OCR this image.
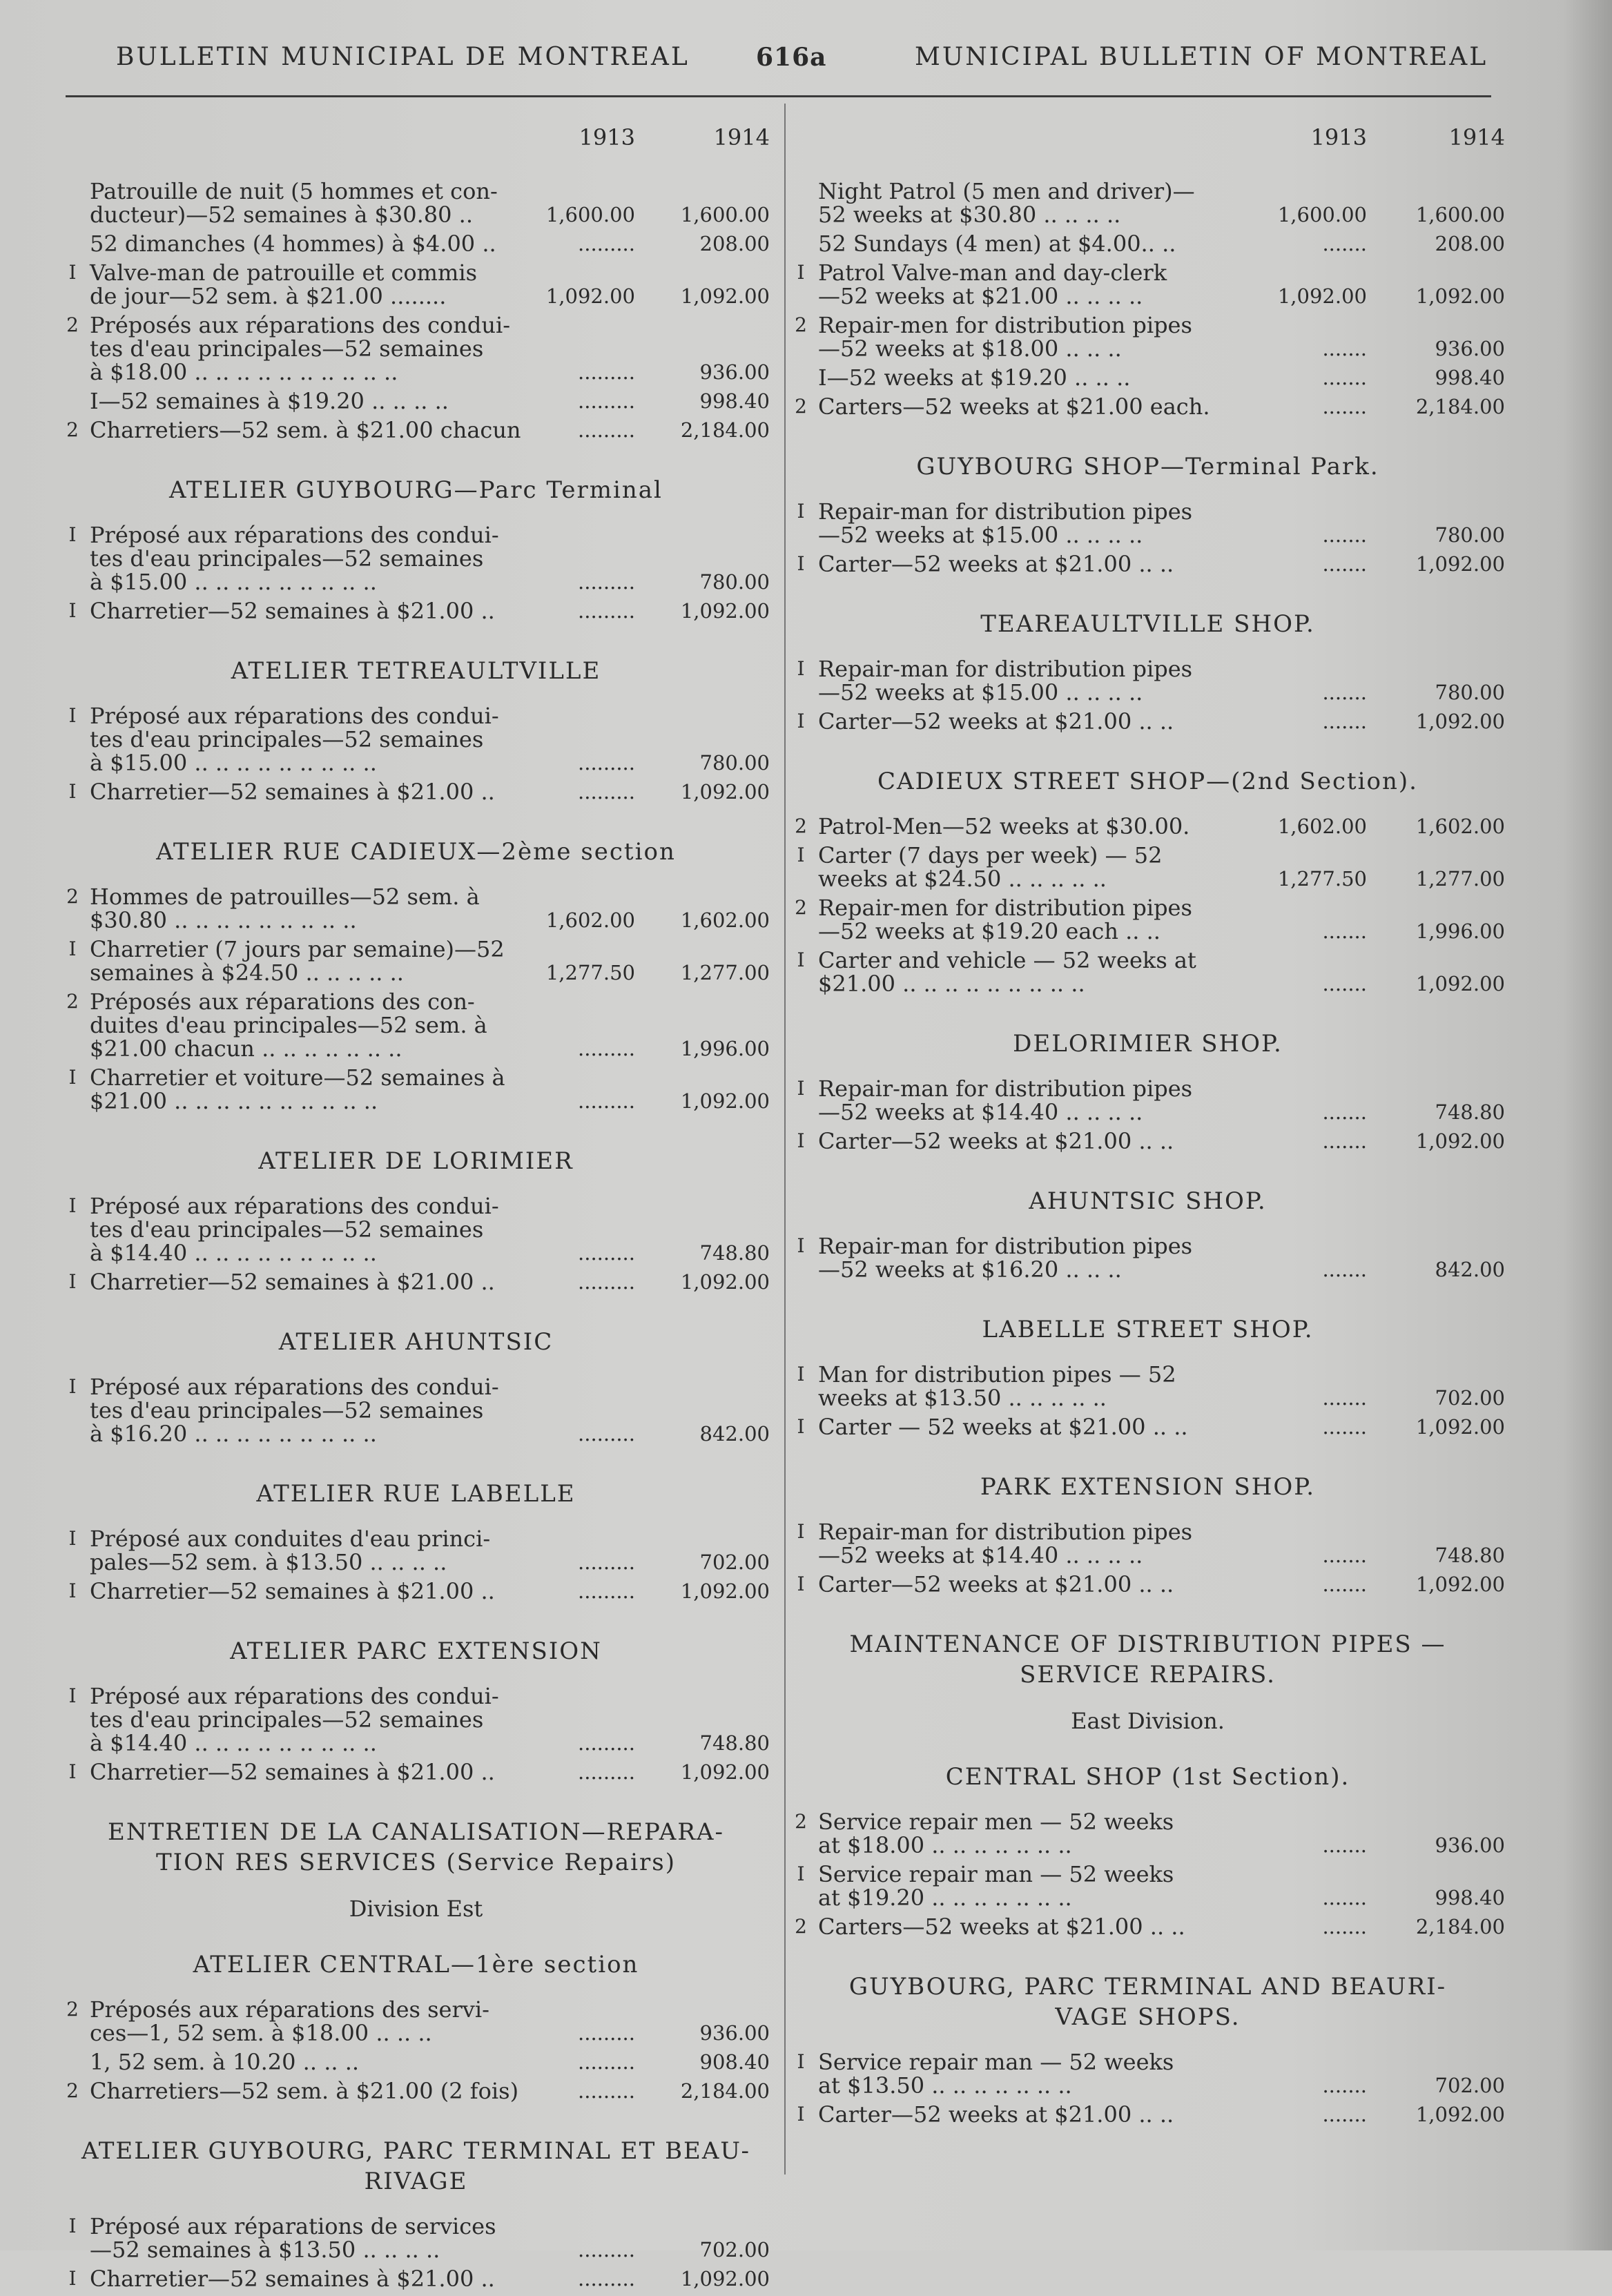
BULLETIN MUNICIPAL DE MONTREAL	616a	MUNICIPAL BULLETIN OF MONTREAL
1913	1914
Patrouille de nuit (5 hommes et con-
ducteur)—52 semaines à $30.80 ..	1,600.00	1,600.00
52 dimanches (4 hommes) à $4.00 ..	.........	208.00
I Valve-man de patrouille et commis
de jour—52 sem. à $21.00 ........	1,092.00	1,092.00
2 Préposés aux réparations des condui-
tes d'eau principales—52 semaines
à $18.00 .. .. .. .. .. .. .. .. .. ..	.........	936.00
I—52 semaines à $19.20 .. .. .. ..	.........	998.40
2 Charretiers—52 sem. à $21.00 chacun	.........	2,184.00
ATELIER GUYBOURG—Parc Terminal
I Préposé aux réparations des condui-
tes d'eau principales—52 semaines
à $15.00 .. .. .. .. .. .. .. .. ..	.........	780.00
I Charretier—52 semaines à $21.00 ..	.........	1,092.00
ATELIER TETREAULTVILLE
I Préposé aux réparations des condui-
tes d'eau principales—52 semaines
à $15.00 .. .. .. .. .. .. .. .. ..	.........	780.00
I Charretier—52 semaines à $21.00 ..	.........	1,092.00
ATELIER RUE CADIEUX—2ème section
2 Hommes de patrouilles—52 sem. à
$30.80 .. .. .. .. .. .. .. .. ..	1,602.00	1,602.00
I Charretier (7 jours par semaine)—52
semaines à $24.50 .. .. .. .. ..	1,277.50	1,277.00
2 Préposés aux réparations des con-
duites d'eau principales—52 sem. à
$21.00 chacun .. .. .. .. .. .. ..	.........	1,996.00
I Charretier et voiture—52 semaines à
$21.00 .. .. .. .. .. .. .. .. .. ..	.........	1,092.00
ATELIER DE LORIMIER
I Préposé aux réparations des condui-
tes d'eau principales—52 semaines
à $14.40 .. .. .. .. .. .. .. .. ..	.........	748.80
I Charretier—52 semaines à $21.00 ..	.........	1,092.00
ATELIER AHUNTSIC
I Préposé aux réparations des condui-
tes d'eau principales—52 semaines
à $16.20 .. .. .. .. .. .. .. .. ..	.........	842.00
ATELIER RUE LABELLE
I Préposé aux conduites d'eau princi-
pales—52 sem. à $13.50 .. .. .. ..	.........	702.00
I Charretier—52 semaines à $21.00 ..	.........	1,092.00
ATELIER PARC EXTENSION
I Préposé aux réparations des condui-
tes d'eau principales—52 semaines
à $14.40 .. .. .. .. .. .. .. .. ..	.........	748.80
I Charretier—52 semaines à $21.00 ..	.........	1,092.00
ENTRETIEN DE LA CANALISATION—REPARA-
TION RES SERVICES (Service Repairs)
Division Est
ATELIER CENTRAL—1ère section
2 Préposés aux réparations des servi-
ces—1, 52 sem. à $18.00 .. .. ..	.........	936.00
1, 52 sem. à 10.20 .. .. ..	.........	908.40
2 Charretiers—52 sem. à $21.00 (2 fois)	.........	2,184.00
ATELIER GUYBOURG, PARC TERMINAL ET BEAU-
RIVAGE
I Préposé aux réparations de services
—52 semaines à $13.50 .. .. .. ..	.........	702.00
I Charretier—52 semaines à $21.00 ..	.........	1,092.00
1913	1914
Night Patrol (5 men and driver)—
52 weeks at $30.80 .. .. .. ..	1,600.00	1,600.00
52 Sundays (4 men) at $4.00.. ..	.......	208.00
I Patrol Valve-man and day-clerk
—52 weeks at $21.00 .. .. .. ..	1,092.00	1,092.00
2 Repair-men for distribution pipes
—52 weeks at $18.00 .. .. ..	.......	936.00
I—52 weeks at $19.20 .. .. ..	.......	998.40
2 Carters—52 weeks at $21.00 each.	.......	2,184.00
GUYBOURG SHOP—Terminal Park.
I Repair-man for distribution pipes
—52 weeks at $15.00 .. .. .. ..	.......	780.00
I Carter—52 weeks at $21.00 .. ..	.......	1,092.00
TEAREAULTVILLE SHOP.
I Repair-man for distribution pipes
—52 weeks at $15.00 .. .. .. ..	.......	780.00
I Carter—52 weeks at $21.00 .. ..	.......	1,092.00
CADIEUX STREET SHOP—(2nd Section).
2 Patrol-Men—52 weeks at $30.00.	1,602.00	1,602.00
I Carter (7 days per week) — 52
weeks at $24.50 .. .. .. .. ..	1,277.50	1,277.00
2 Repair-men for distribution pipes
—52 weeks at $19.20 each .. ..	.......	1,996.00
I Carter and vehicle — 52 weeks at
$21.00 .. .. .. .. .. .. .. .. ..	.......	1,092.00
DELORIMIER SHOP.
I Repair-man for distribution pipes
—52 weeks at $14.40 .. .. .. ..	.......	748.80
I Carter—52 weeks at $21.00 .. ..	.......	1,092.00
AHUNTSIC SHOP.
I Repair-man for distribution pipes
—52 weeks at $16.20 .. .. ..	.......	842.00
LABELLE STREET SHOP.
I Man for distribution pipes — 52
weeks at $13.50 .. .. .. .. ..	.......	702.00
I Carter — 52 weeks at $21.00 .. ..	.......	1,092.00
PARK EXTENSION SHOP.
I Repair-man for distribution pipes
—52 weeks at $14.40 .. .. .. ..	.......	748.80
I Carter—52 weeks at $21.00 .. ..	.......	1,092.00
MAINTENANCE OF DISTRIBUTION PIPES —
SERVICE REPAIRS.
East Division.
CENTRAL SHOP (1st Section).
2 Service repair men — 52 weeks
at $18.00 .. .. .. .. .. .. ..	.......	936.00
I Service repair man — 52 weeks
at $19.20 .. .. .. .. .. .. ..	.......	998.40
2 Carters—52 weeks at $21.00 .. ..	.......	2,184.00
GUYBOURG, PARC TERMINAL AND BEAURI-
VAGE SHOPS.
I Service repair man — 52 weeks
at $13.50 .. .. .. .. .. .. ..	.......	702.00
I Carter—52 weeks at $21.00 .. ..	.......	1,092.00
